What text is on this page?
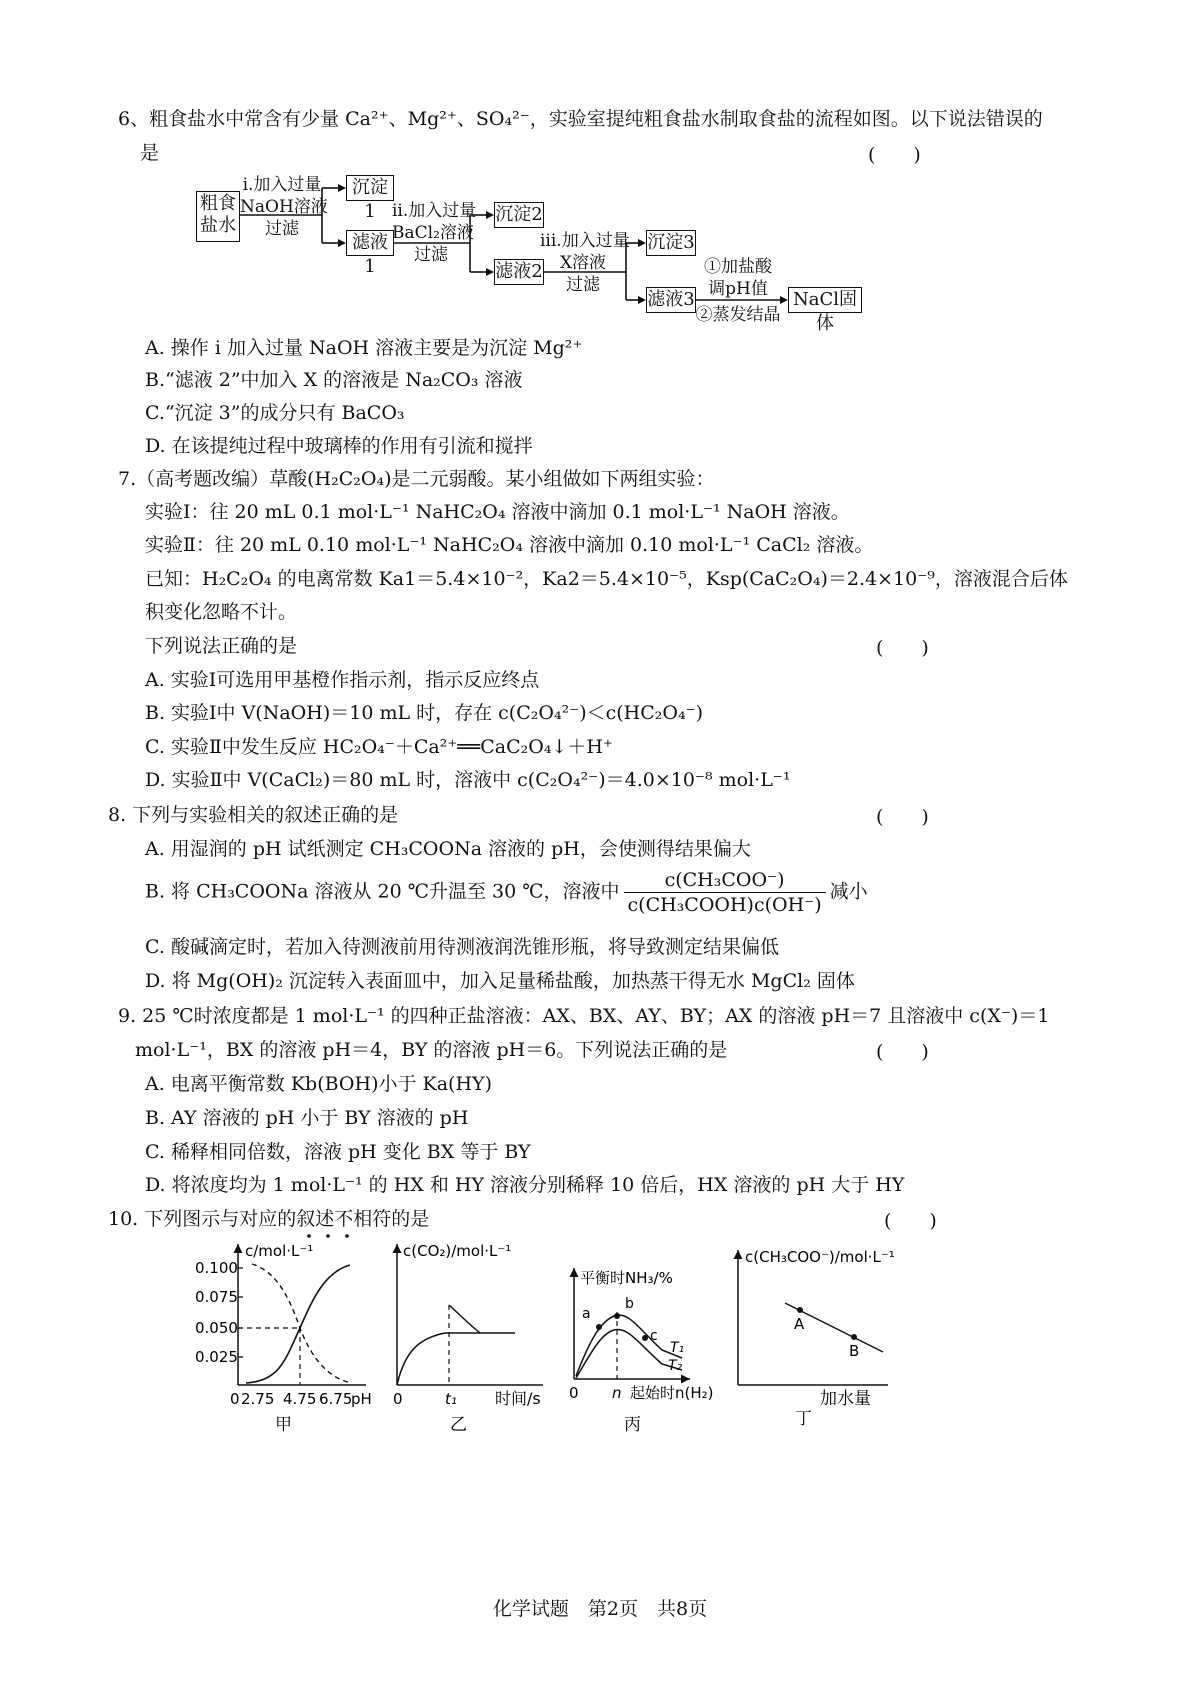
6、粗食盐水中常含有少量 Ca²⁺、Mg²⁺、SO₄²⁻，实验室提纯粗食盐水制取食盐的流程如图。以下说法错误的
是	(　　)
粗食盐水
i.加入过量
NaOH溶液
过滤
沉淀1
滤液1
ii.加入过量
BaCl₂溶液
过滤
沉淀2
滤液2
iii.加入过量
X溶液
过滤
沉淀3
滤液3
①加盐酸
调pH值
②蒸发结晶
NaCl固体
A. 操作 i 加入过量 NaOH 溶液主要是为沉淀 Mg²⁺
B.“滤液 2”中加入 X 的溶液是 Na₂CO₃ 溶液
C.“沉淀 3”的成分只有 BaCO₃
D. 在该提纯过程中玻璃棒的作用有引流和搅拌
7.（高考题改编）草酸(H₂C₂O₄)是二元弱酸。某小组做如下两组实验：
实验Ⅰ：往 20 mL 0.1 mol·L⁻¹ NaHC₂O₄ 溶液中滴加 0.1 mol·L⁻¹ NaOH 溶液。
实验Ⅱ：往 20 mL 0.10 mol·L⁻¹ NaHC₂O₄ 溶液中滴加 0.10 mol·L⁻¹ CaCl₂ 溶液。
已知：H₂C₂O₄ 的电离常数 Ka1＝5.4×10⁻²，Ka2＝5.4×10⁻⁵，Ksp(CaC₂O₄)＝2.4×10⁻⁹，溶液混合后体
积变化忽略不计。
下列说法正确的是	(　　)
A. 实验Ⅰ可选用甲基橙作指示剂，指示反应终点
B. 实验Ⅰ中 V(NaOH)＝10 mL 时，存在 c(C₂O₄²⁻)＜c(HC₂O₄⁻)
C. 实验Ⅱ中发生反应 HC₂O₄⁻＋Ca²⁺══CaC₂O₄↓＋H⁺
D. 实验Ⅱ中 V(CaCl₂)＝80 mL 时，溶液中 c(C₂O₄²⁻)＝4.0×10⁻⁸ mol·L⁻¹
8. 下列与实验相关的叙述正确的是	(　　)
A. 用湿润的 pH 试纸测定 CH₃COONa 溶液的 pH，会使测得结果偏大
B. 将 CH₃COONa 溶液从 20 ℃升温至 30 ℃，溶液中 $\frac{\text{c(CH₃COO⁻)}}{\text{c(CH₃COOH)c(OH⁻)}}$ 减小
C. 酸碱滴定时，若加入待测液前用待测液润洗锥形瓶，将导致测定结果偏低
D. 将 Mg(OH)₂ 沉淀转入表面皿中，加入足量稀盐酸，加热蒸干得无水 MgCl₂ 固体
9. 25 ℃时浓度都是 1 mol·L⁻¹ 的四种正盐溶液：AX、BX、AY、BY；AX 的溶液 pH＝7 且溶液中 c(X⁻)＝1
mol·L⁻¹，BX 的溶液 pH＝4，BY 的溶液 pH＝6。下列说法正确的是	(　　)
A. 电离平衡常数 Kb(BOH)小于 Ka(HY)
B. AY 溶液的 pH 小于 BY 溶液的 pH
C. 稀释相同倍数，溶液 pH 变化 BX 等于 BY
D. 将浓度均为 1 mol·L⁻¹ 的 HX 和 HY 溶液分别稀释 10 倍后，HX 溶液的 pH 大于 HY
10. 下列图示与对应的叙述不相符的是	(　　)
c/mol·L⁻¹
0.100
0.075
0.050
0.025
0 2.75 4.75 6.75
pH
甲
c(CO₂)/mol·L⁻¹
0	t₁ 时间/s
乙
平衡时NH₃/%
a
b
c
T₁
T₂
0 n 起始时n(H₂)
丙
c(CH₃COO⁻)/mol·L⁻¹
A
B
加水量
丁
化学试题　第2页　共8页
